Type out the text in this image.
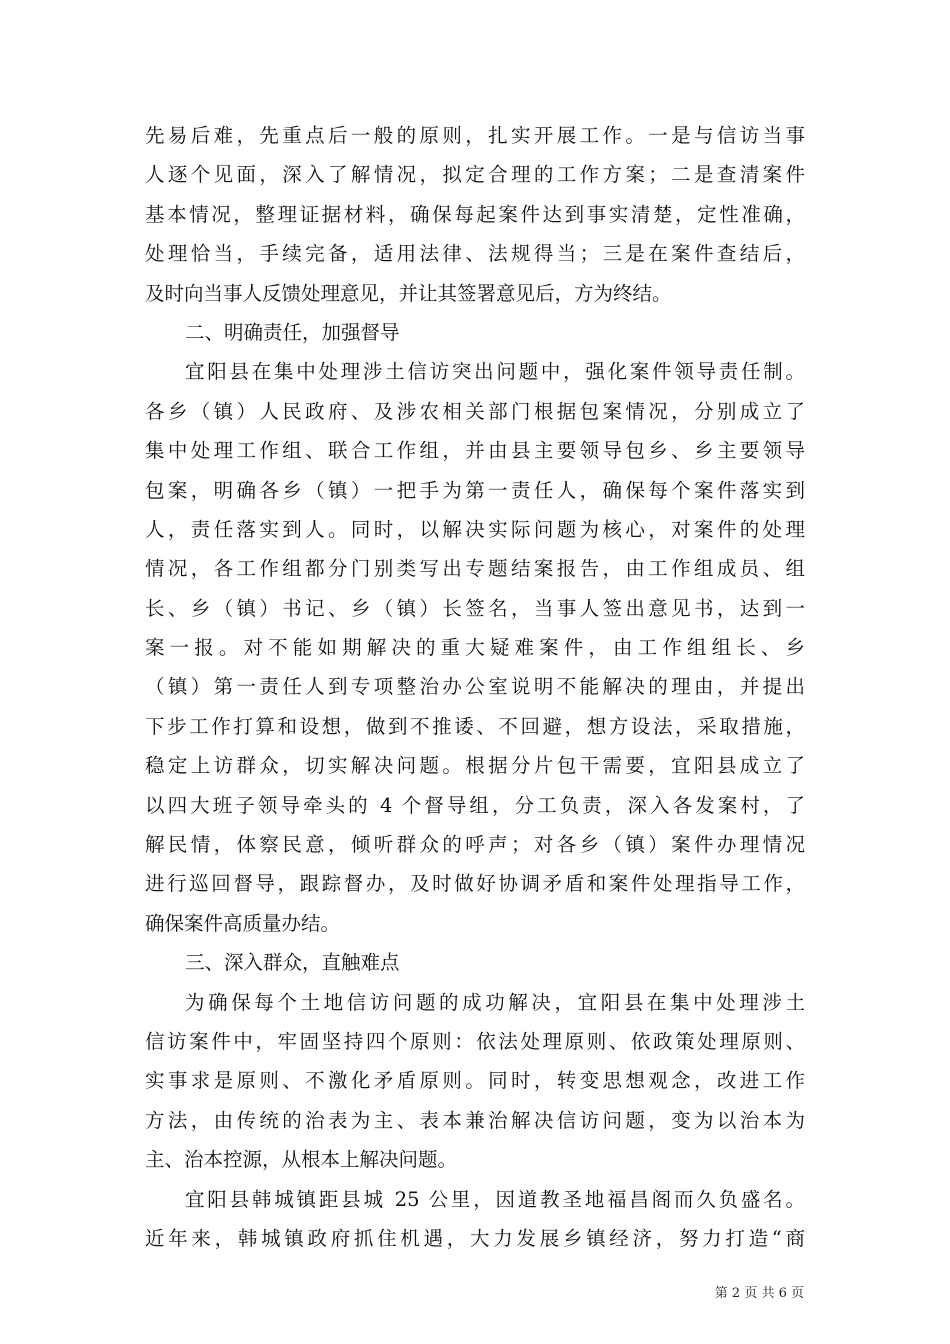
先易后难，先重点后一般的原则，扎实开展工作。一是与信访当事
人逐个见面，深入了解情况，拟定合理的工作方案；二是查清案件
基本情况，整理证据材料，确保每起案件达到事实清楚，定性准确，
处理恰当，手续完备，适用法律、法规得当；三是在案件查结后，
及时向当事人反馈处理意见，并让其签署意见后，方为终结。
二、明确责任，加强督导
宜阳县在集中处理涉土信访突出问题中，强化案件领导责任制。
各乡（镇）人民政府、及涉农相关部门根据包案情况，分别成立了
集中处理工作组、联合工作组，并由县主要领导包乡、乡主要领导
包案，明确各乡（镇）一把手为第一责任人，确保每个案件落实到
人，责任落实到人。同时，以解决实际问题为核心，对案件的处理
情况，各工作组都分门别类写出专题结案报告，由工作组成员、组
长、乡（镇）书记、乡（镇）长签名，当事人签出意见书，达到一
案一报。对不能如期解决的重大疑难案件，由工作组组长、乡
（镇）第一责任人到专项整治办公室说明不能解决的理由，并提出
下步工作打算和设想，做到不推诿、不回避，想方设法，采取措施，
稳定上访群众，切实解决问题。根据分片包干需要，宜阳县成立了
以四大班子领导牵头的 4 个督导组，分工负责，深入各发案村，了
解民情，体察民意，倾听群众的呼声；对各乡（镇）案件办理情况
进行巡回督导，跟踪督办，及时做好协调矛盾和案件处理指导工作，
确保案件高质量办结。
三、深入群众，直触难点
为确保每个土地信访问题的成功解决，宜阳县在集中处理涉土
信访案件中，牢固坚持四个原则：依法处理原则、依政策处理原则、
实事求是原则、不激化矛盾原则。同时，转变思想观念，改进工作
方法，由传统的治表为主、表本兼治解决信访问题，变为以治本为
主、治本控源，从根本上解决问题。
宜阳县韩城镇距县城 25 公里，因道教圣地福昌阁而久负盛名。
近年来，韩城镇政府抓住机遇，大力发展乡镇经济，努力打造“商
第 2 页 共 6 页
